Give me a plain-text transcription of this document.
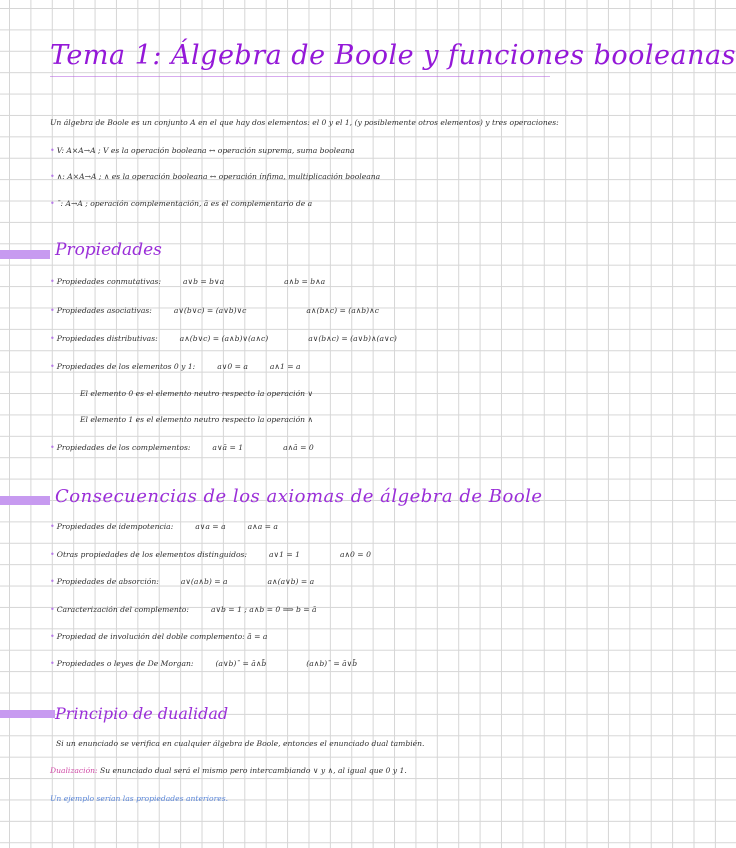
Tema 1: Álgebra de Boole y funciones booleanas
Un álgebra de Boole es un conjunto A en el que hay dos elementos: el 0 y el 1, (y posiblemente otros elementos) y tres operaciones:
• V: A×A→A ; V es la operación booleana ↔ operación suprema, suma booleana
• ∧: A×A→A ; ∧ es la operación booleana ↔ operación ínfima, multiplicación booleana
• ¯: A→A ; operación complementación, ā es el complementario de a
Propiedades
• Propiedades conmutativas:	a∨b = b∨a	a∧b = b∧a
• Propiedades asociativas:	a∨(b∨c) = (a∨b)∨c	a∧(b∧c) = (a∧b)∧c
• Propiedades distributivas:	a∧(b∨c) = (a∧b)∨(a∧c)	a∨(b∧c) = (a∨b)∧(a∨c)
• Propiedades de los elementos 0 y 1:	a∨0 = a	a∧1 = a
El elemento 0 es el elemento neutro respecto la operación ∨
El elemento 1 es el elemento neutro respecto la operación ∧
• Propiedades de los complementos:	a∨ā = 1	a∧ā = 0
Consecuencias de los axiomas de álgebra de Boole
• Propiedades de idempotencia:	a∨a = a	a∧a = a
• Otras propiedades de los elementos distinguidos:	a∨1 = 1	a∧0 = 0
• Propiedades de absorción:	a∨(a∧b) = a	a∧(a∨b) = a
• Caracterización del complemento:	a∨b = 1 ; a∧b = 0 ⟹ b = ā
• Propiedad de involución del doble complemento: ā̄ = a
• Propiedades o leyes de De Morgan:	(a∨b)¯ = ā∧b̄	(a∧b)¯ = ā∨b̄
Principio de dualidad
Si un enunciado se verifica en cualquier álgebra de Boole, entonces el enunciado dual también.
Dualización: Su enunciado dual será el mismo pero intercambiando ∨ y ∧, al igual que 0 y 1.
Un ejemplo serían las propiedades anteriores.
